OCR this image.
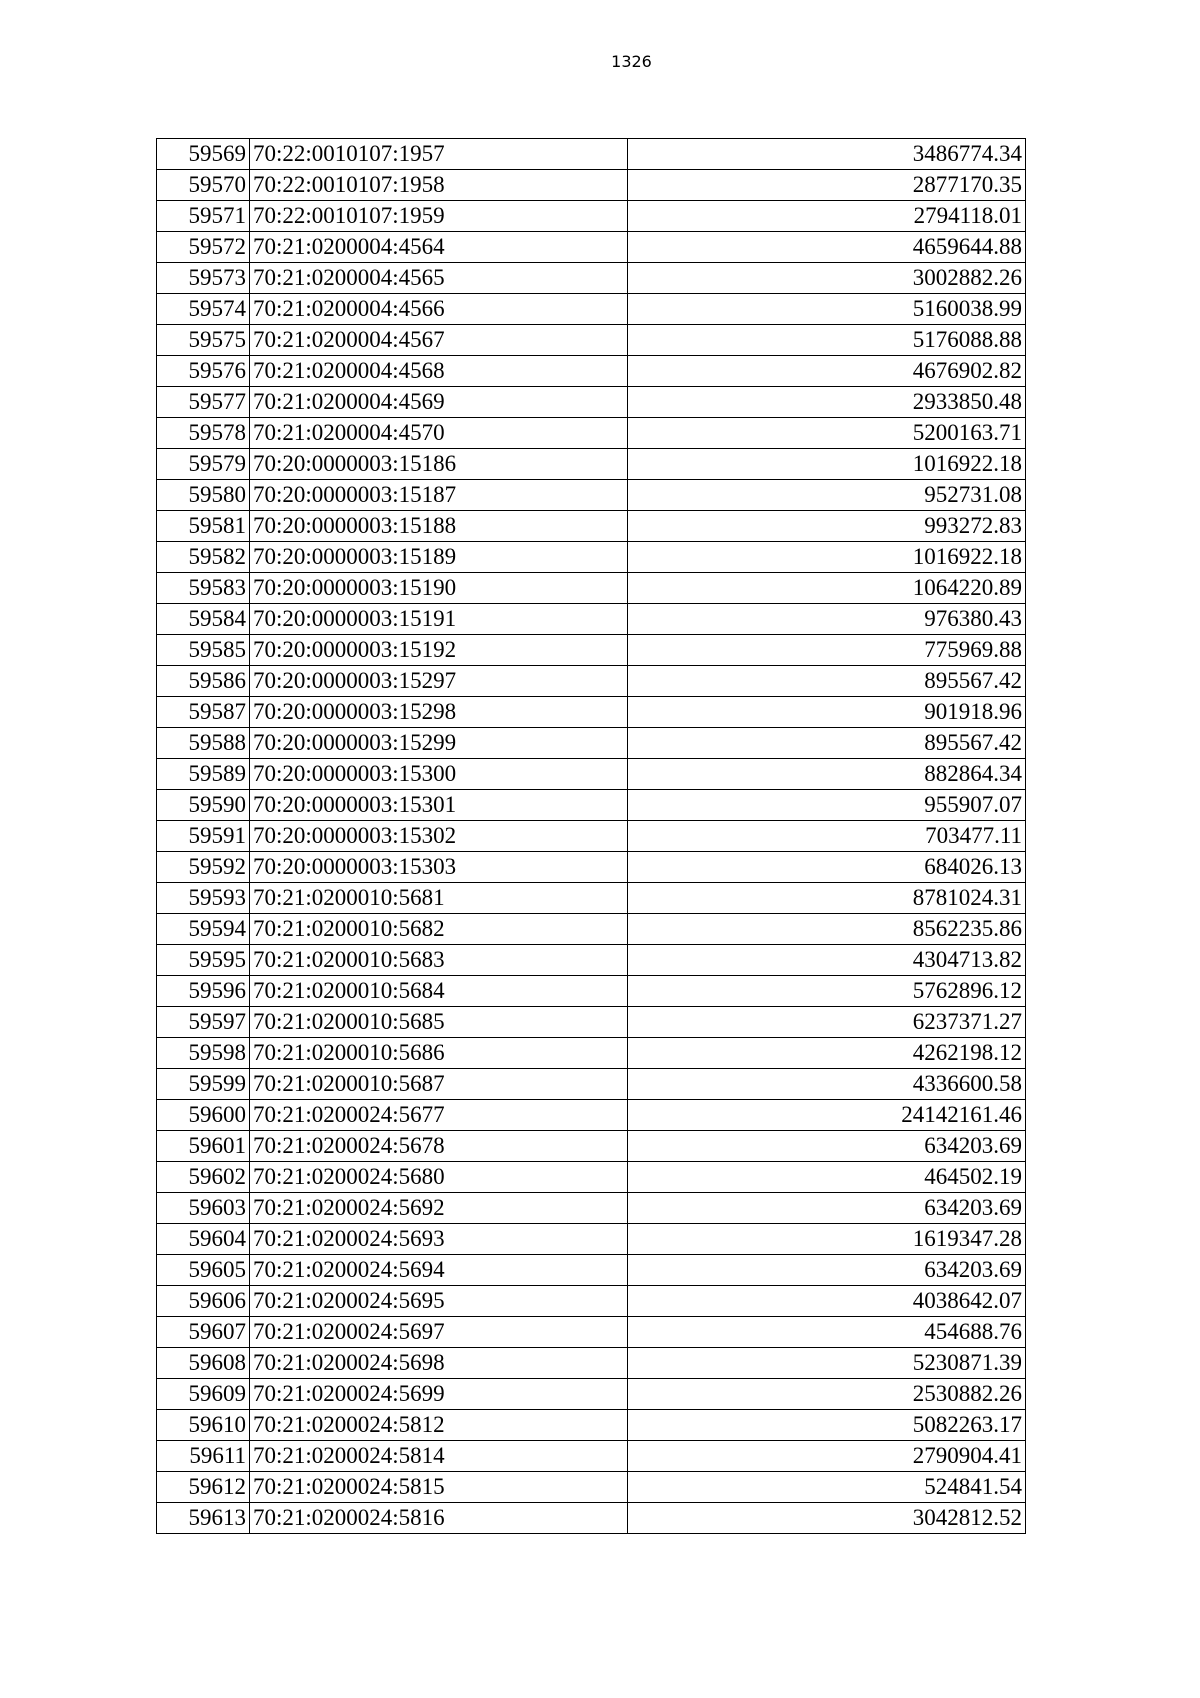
1326
59569	70:22:0010107:1957	3486774.34
59570	70:22:0010107:1958	2877170.35
59571	70:22:0010107:1959	2794118.01
59572	70:21:0200004:4564	4659644.88
59573	70:21:0200004:4565	3002882.26
59574	70:21:0200004:4566	5160038.99
59575	70:21:0200004:4567	5176088.88
59576	70:21:0200004:4568	4676902.82
59577	70:21:0200004:4569	2933850.48
59578	70:21:0200004:4570	5200163.71
59579	70:20:0000003:15186	1016922.18
59580	70:20:0000003:15187	952731.08
59581	70:20:0000003:15188	993272.83
59582	70:20:0000003:15189	1016922.18
59583	70:20:0000003:15190	1064220.89
59584	70:20:0000003:15191	976380.43
59585	70:20:0000003:15192	775969.88
59586	70:20:0000003:15297	895567.42
59587	70:20:0000003:15298	901918.96
59588	70:20:0000003:15299	895567.42
59589	70:20:0000003:15300	882864.34
59590	70:20:0000003:15301	955907.07
59591	70:20:0000003:15302	703477.11
59592	70:20:0000003:15303	684026.13
59593	70:21:0200010:5681	8781024.31
59594	70:21:0200010:5682	8562235.86
59595	70:21:0200010:5683	4304713.82
59596	70:21:0200010:5684	5762896.12
59597	70:21:0200010:5685	6237371.27
59598	70:21:0200010:5686	4262198.12
59599	70:21:0200010:5687	4336600.58
59600	70:21:0200024:5677	24142161.46
59601	70:21:0200024:5678	634203.69
59602	70:21:0200024:5680	464502.19
59603	70:21:0200024:5692	634203.69
59604	70:21:0200024:5693	1619347.28
59605	70:21:0200024:5694	634203.69
59606	70:21:0200024:5695	4038642.07
59607	70:21:0200024:5697	454688.76
59608	70:21:0200024:5698	5230871.39
59609	70:21:0200024:5699	2530882.26
59610	70:21:0200024:5812	5082263.17
59611	70:21:0200024:5814	2790904.41
59612	70:21:0200024:5815	524841.54
59613	70:21:0200024:5816	3042812.52
